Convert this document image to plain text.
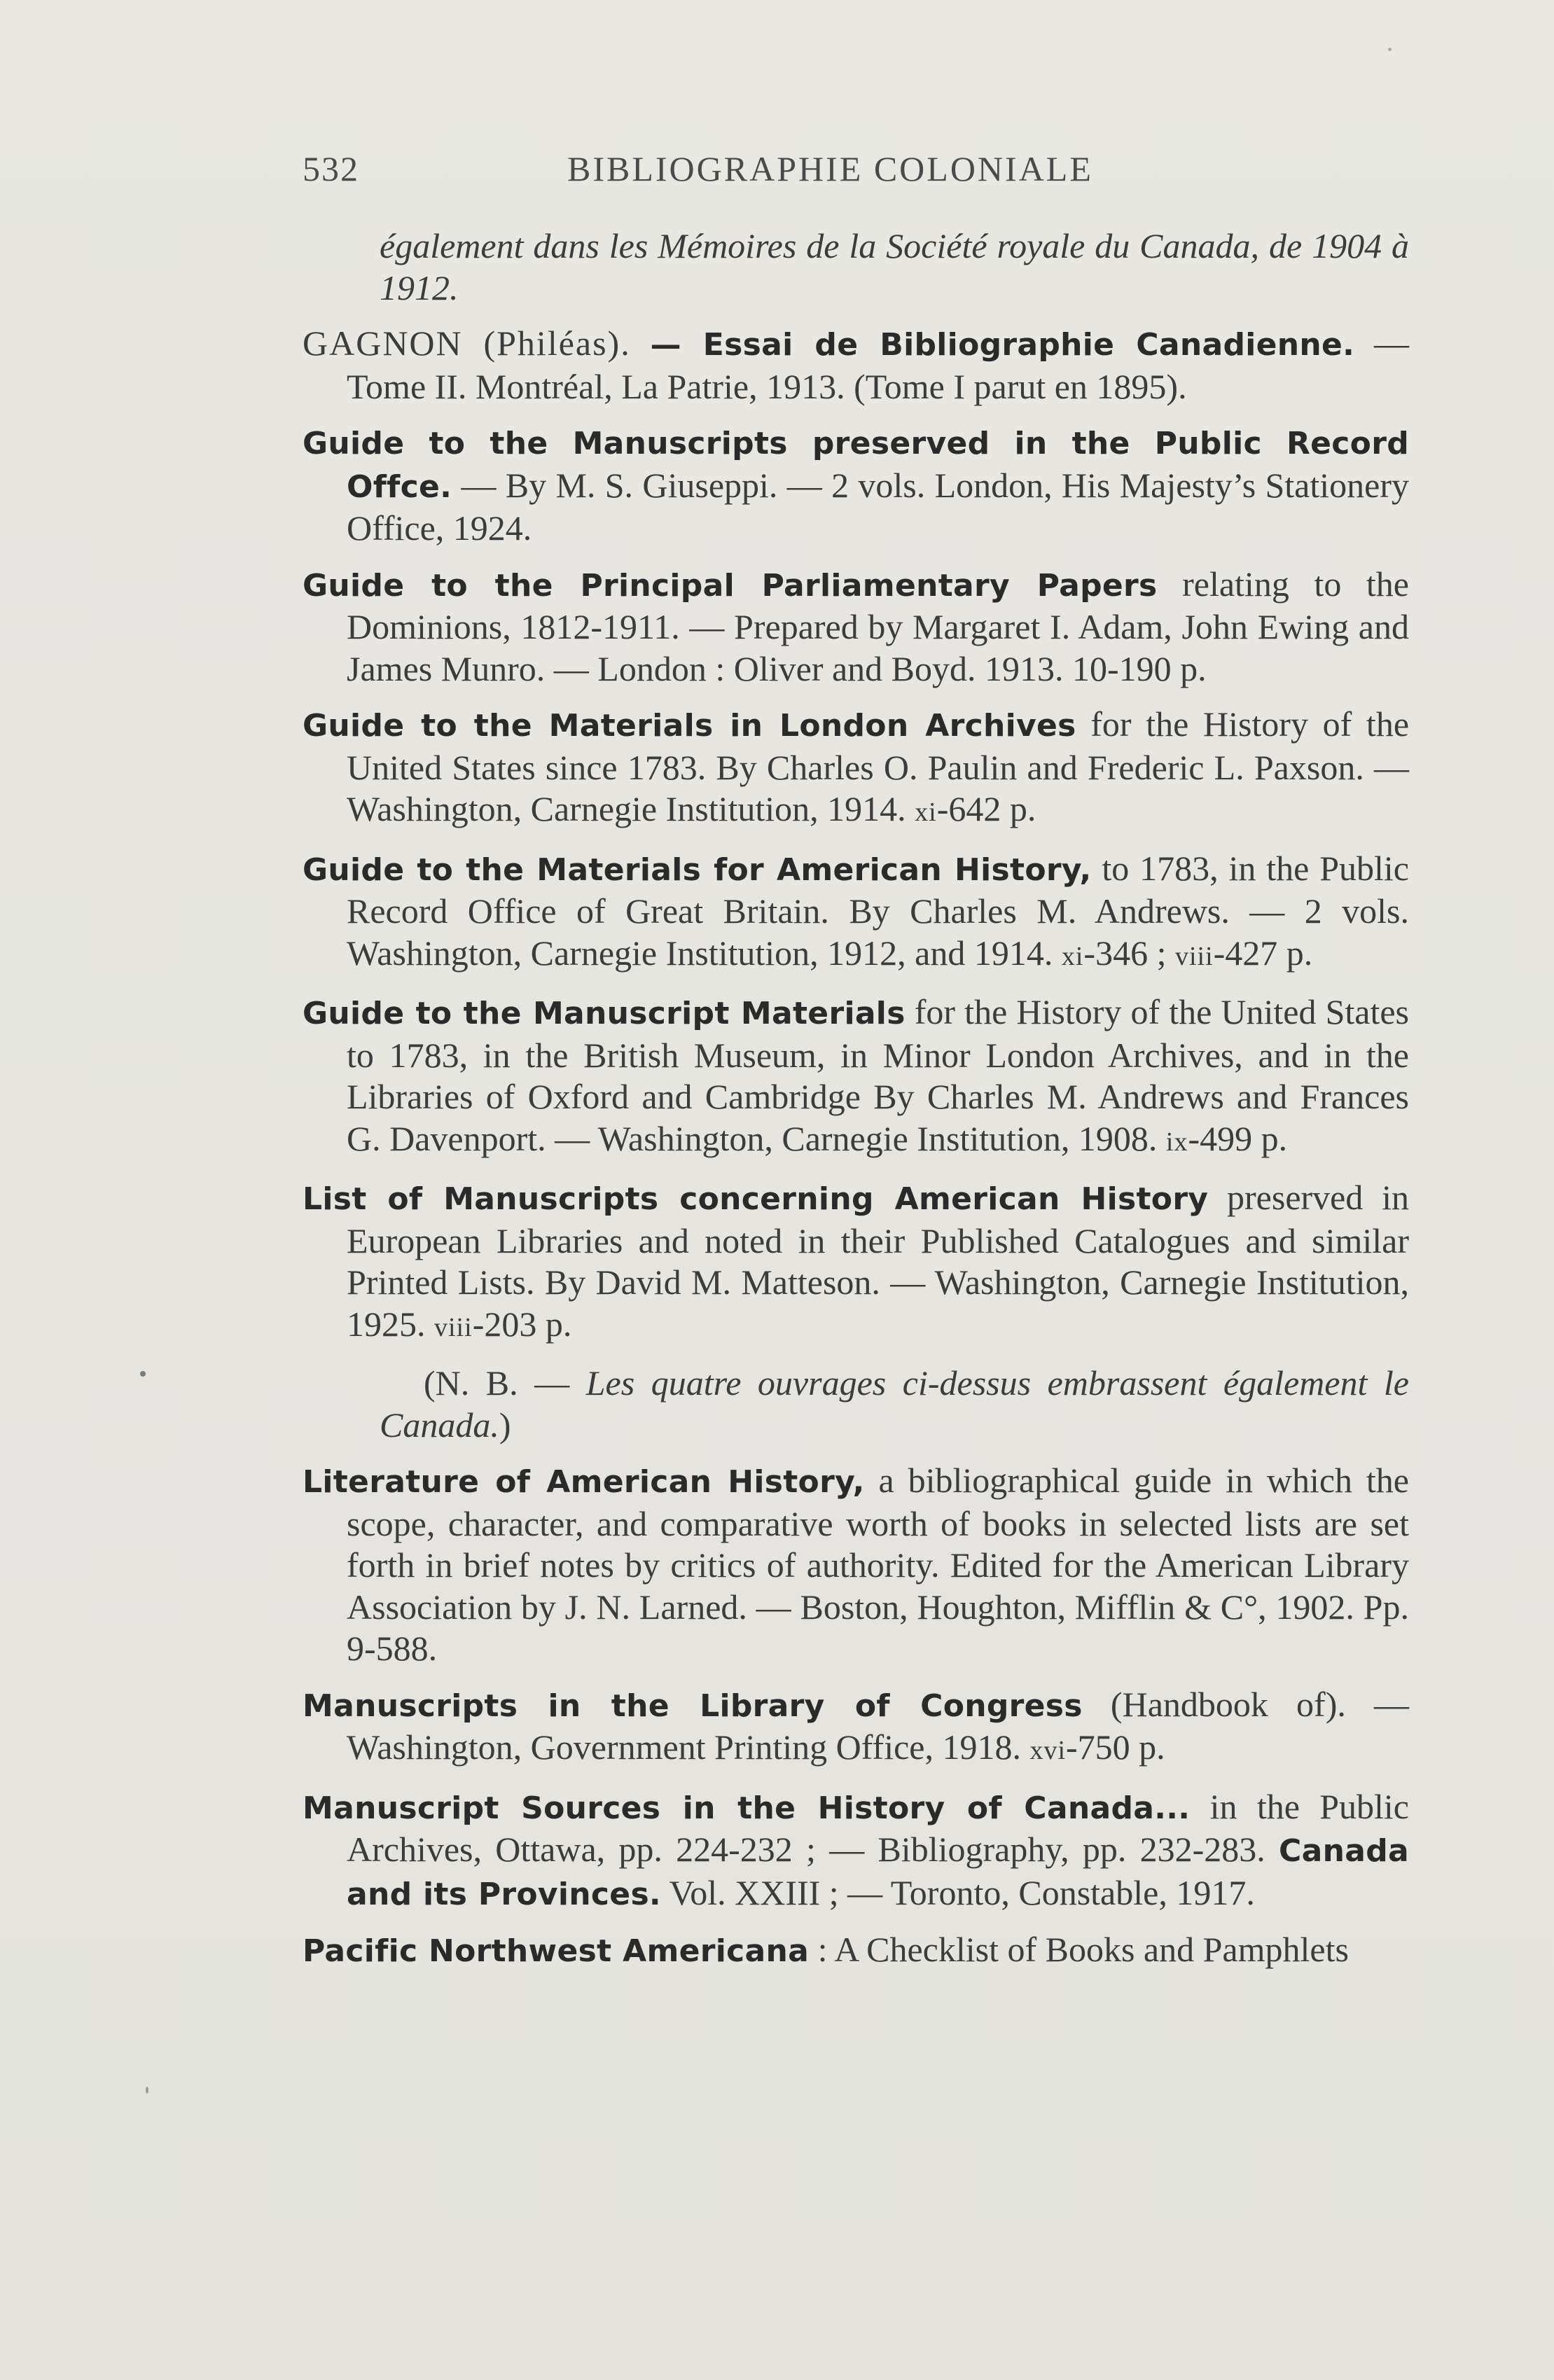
532	BIBLIOGRAPHIE COLONIALE

également dans les Mémoires de la Société royale du Canada, de 1904 à 1912.

GAGNON (Philéas). — Essai de Bibliographie Canadienne. — Tome II. Montréal, La Patrie, 1913. (Tome I parut en 1895).

Guide to the Manuscripts preserved in the Public Record Offce. — By M. S. Giuseppi. — 2 vols. London, His Majesty’s Stationery Office, 1924.

Guide to the Principal Parliamentary Papers relating to the Dominions, 1812-1911. — Prepared by Margaret I. Adam, John Ewing and James Munro. — London : Oliver and Boyd. 1913. 10-190 p.

Guide to the Materials in London Archives for the History of the United States since 1783. By Charles O. Paulin and Frederic L. Paxson. — Washington, Carnegie Institution, 1914. xi-642 p.

Guide to the Materials for American History, to 1783, in the Public Record Office of Great Britain. By Charles M. Andrews. — 2 vols. Washington, Carnegie Institution, 1912, and 1914. xi-346 ; viii-427 p.

Guide to the Manuscript Materials for the History of the United States to 1783, in the British Museum, in Minor London Archives, and in the Libraries of Oxford and Cambridge By Charles M. Andrews and Frances G. Davenport. — Washington, Carnegie Institution, 1908. ix-499 p.

List of Manuscripts concerning American History preserved in European Libraries and noted in their Published Catalogues and similar Printed Lists. By David M. Matteson. — Washington, Carnegie Institution, 1925. viii-203 p.

(N. B. — Les quatre ouvrages ci-dessus embrassent également le Canada.)

Literature of American History, a bibliographical guide in which the scope, character, and comparative worth of books in selected lists are set forth in brief notes by critics of authority. Edited for the American Library Association by J. N. Larned. — Boston, Houghton, Mifflin & C°, 1902. Pp. 9-588.

Manuscripts in the Library of Congress (Handbook of). — Washington, Government Printing Office, 1918. xvi-750 p.

Manuscript Sources in the History of Canada... in the Public Archives, Ottawa, pp. 224-232 ; — Bibliography, pp. 232-283. Canada and its Provinces. Vol. XXIII ; — Toronto, Constable, 1917.

Pacific Northwest Americana : A Checklist of Books and Pamphlets
